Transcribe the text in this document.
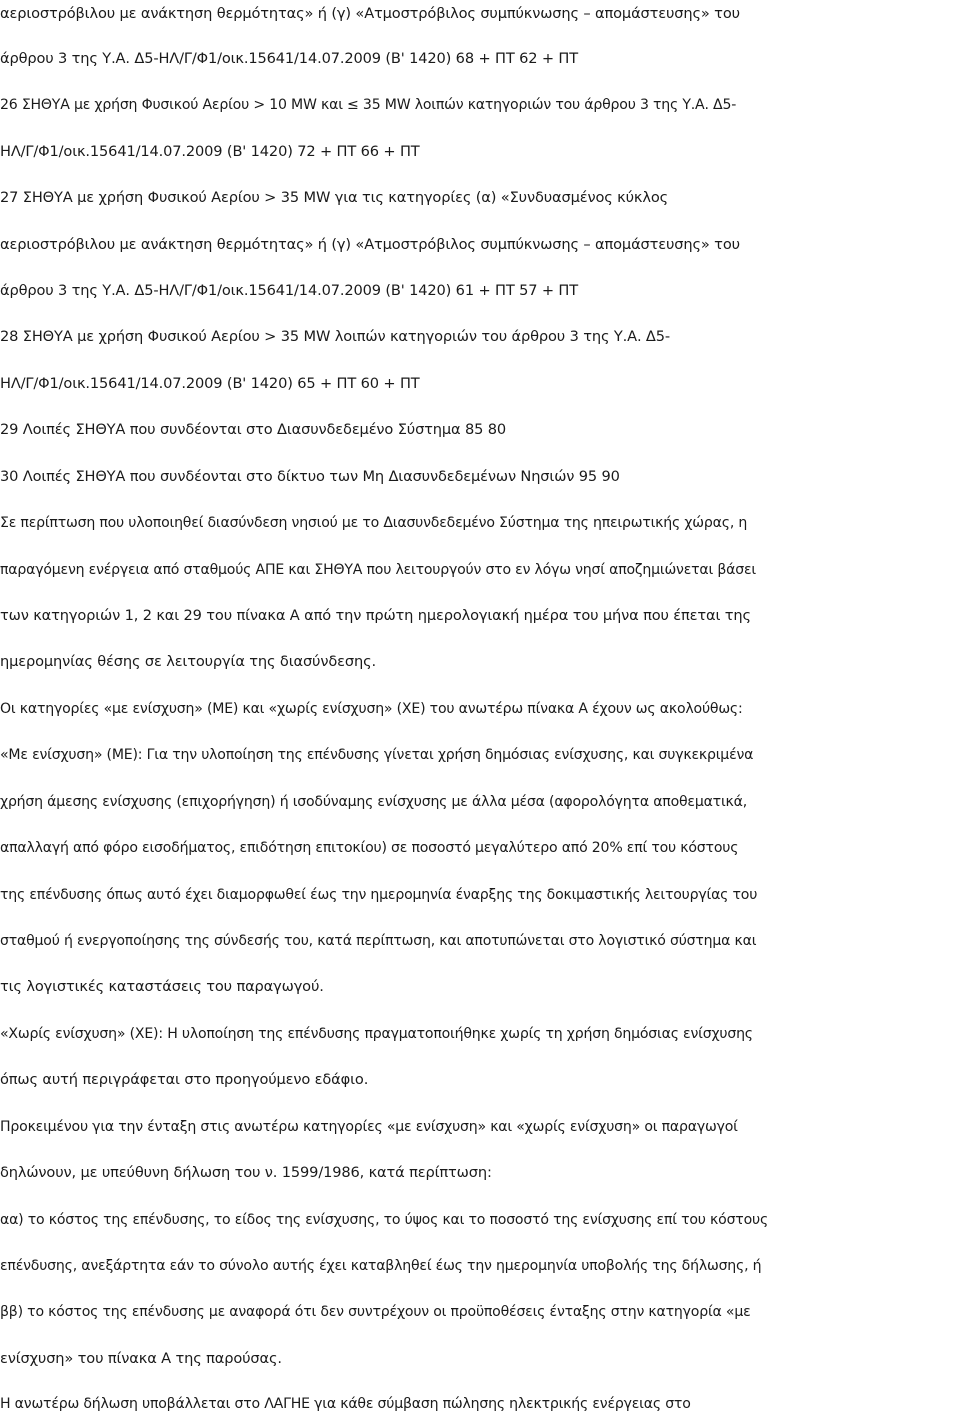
αεριοστρόβιλου με ανάκτηση θερμότητας» ή (γ) «Ατμοστρόβιλος συμπύκνωσης – απομάστευσης» του
άρθρου 3 της Υ.Α. Δ5-ΗΛ/Γ/Φ1/οικ.15641/14.07.2009 (Β' 1420) 68 + ΠΤ 62 + ΠΤ
26 ΣΗΘΥΑ με χρήση Φυσικού Αερίου > 10 MW και ≤ 35 MW λοιπών κατηγοριών του άρθρου 3 της Υ.Α. Δ5-
ΗΛ/Γ/Φ1/οικ.15641/14.07.2009 (Β' 1420) 72 + ΠΤ 66 + ΠΤ
27 ΣΗΘΥΑ με χρήση Φυσικού Αερίου > 35 MW για τις κατηγορίες (α) «Συνδυασμένος κύκλος
αεριοστρόβιλου με ανάκτηση θερμότητας» ή (γ) «Ατμοστρόβιλος συμπύκνωσης – απομάστευσης» του
άρθρου 3 της Υ.Α. Δ5-ΗΛ/Γ/Φ1/οικ.15641/14.07.2009 (Β' 1420) 61 + ΠΤ 57 + ΠΤ
28 ΣΗΘΥΑ με χρήση Φυσικού Αερίου > 35 MW λοιπών κατηγοριών του άρθρου 3 της Υ.Α. Δ5-
ΗΛ/Γ/Φ1/οικ.15641/14.07.2009 (Β' 1420) 65 + ΠΤ 60 + ΠΤ
29 Λοιπές ΣΗΘΥΑ που συνδέονται στο Διασυνδεδεμένο Σύστημα 85 80
30 Λοιπές ΣΗΘΥΑ που συνδέονται στο δίκτυο των Μη Διασυνδεδεμένων Νησιών 95 90
Σε περίπτωση που υλοποιηθεί διασύνδεση νησιού με το Διασυνδεδεμένο Σύστημα της ηπειρωτικής χώρας, η
παραγόμενη ενέργεια από σταθμούς ΑΠΕ και ΣΗΘΥΑ που λειτουργούν στο εν λόγω νησί αποζημιώνεται βάσει
των κατηγοριών 1, 2 και 29 του πίνακα Α από την πρώτη ημερολογιακή ημέρα του μήνα που έπεται της
ημερομηνίας θέσης σε λειτουργία της διασύνδεσης.
Οι κατηγορίες «με ενίσχυση» (ΜΕ) και «χωρίς ενίσχυση» (ΧΕ) του ανωτέρω πίνακα Α έχουν ως ακολούθως:
«Με ενίσχυση» (ΜΕ): Για την υλοποίηση της επένδυσης γίνεται χρήση δημόσιας ενίσχυσης, και συγκεκριμένα
χρήση άμεσης ενίσχυσης (επιχορήγηση) ή ισοδύναμης ενίσχυσης με άλλα μέσα (αφορολόγητα αποθεματικά,
απαλλαγή από φόρο εισοδήματος, επιδότηση επιτοκίου) σε ποσοστό μεγαλύτερο από 20% επί του κόστους
της επένδυσης όπως αυτό έχει διαμορφωθεί έως την ημερομηνία έναρξης της δοκιμαστικής λειτουργίας του
σταθμού ή ενεργοποίησης της σύνδεσής του, κατά περίπτωση, και αποτυπώνεται στο λογιστικό σύστημα και
τις λογιστικές καταστάσεις του παραγωγού.
«Χωρίς ενίσχυση» (ΧΕ): Η υλοποίηση της επένδυσης πραγματοποιήθηκε χωρίς τη χρήση δημόσιας ενίσχυσης
όπως αυτή περιγράφεται στο προηγούμενο εδάφιο.
Προκειμένου για την ένταξη στις ανωτέρω κατηγορίες «με ενίσχυση» και «χωρίς ενίσχυση» οι παραγωγοί
δηλώνουν, με υπεύθυνη δήλωση του ν. 1599/1986, κατά περίπτωση:
αα) το κόστος της επένδυσης, το είδος της ενίσχυσης, το ύψος και το ποσοστό της ενίσχυσης επί του κόστους
επένδυσης, ανεξάρτητα εάν το σύνολο αυτής έχει καταβληθεί έως την ημερομηνία υποβολής της δήλωσης, ή
ββ) το κόστος της επένδυσης με αναφορά ότι δεν συντρέχουν οι προϋποθέσεις ένταξης στην κατηγορία «με
ενίσχυση» του πίνακα Α της παρούσας.
Η ανωτέρω δήλωση υποβάλλεται στο ΛΑΓΗΕ για κάθε σύμβαση πώλησης ηλεκτρικής ενέργειας στο
